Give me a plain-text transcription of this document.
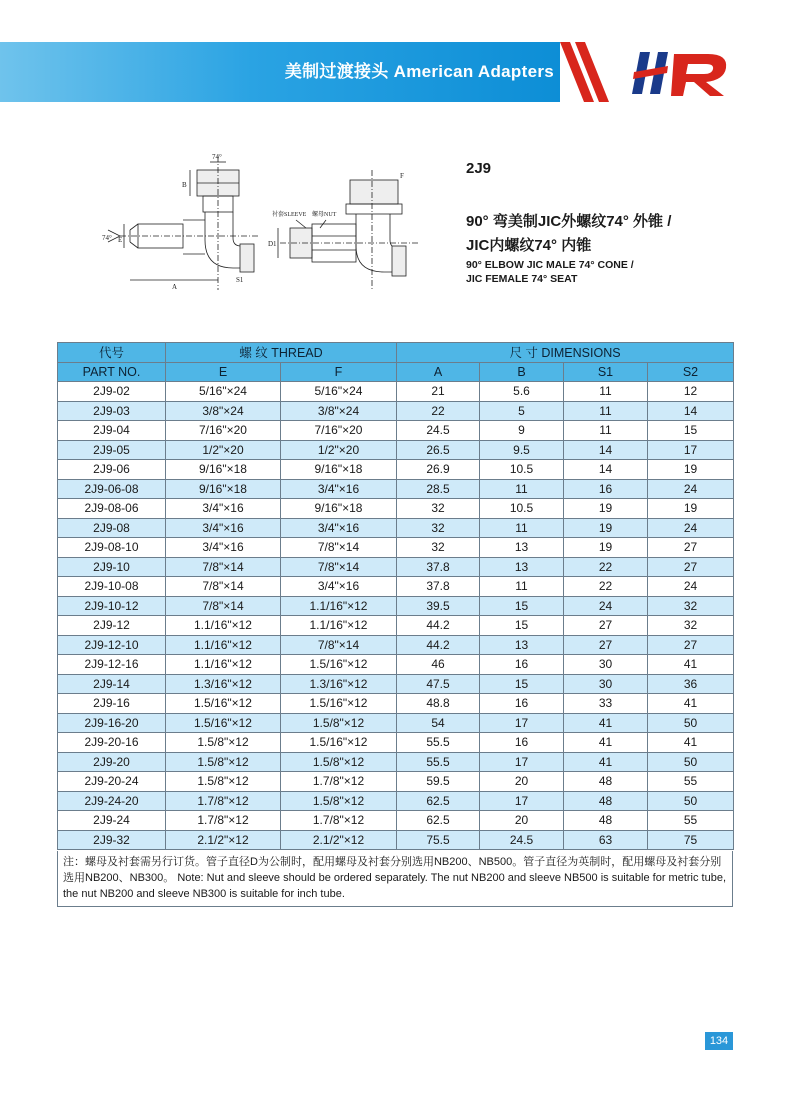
美制过渡接头 American Adapters
74°
74°
B
E
A
S1
F
D1
衬套SLEEVE 螺母NUT
2J9
90° 弯美制JIC外螺纹74° 外锥 /
JIC内螺纹74° 内锥
90° ELBOW JIC MALE 74° CONE /
JIC FEMALE 74° SEAT
代号	螺 纹 THREAD		尺 寸 DIMENSIONS			
PART NO.	E	F	A	B	S1	S2
2J9-02	5/16"×24	5/16"×24	21	5.6	11	12
2J9-03	3/8"×24	3/8"×24	22	5	11	14
2J9-04	7/16"×20	7/16"×20	24.5	9	11	15
2J9-05	1/2"×20	1/2"×20	26.5	9.5	14	17
2J9-06	9/16"×18	9/16"×18	26.9	10.5	14	19
2J9-06-08	9/16"×18	3/4"×16	28.5	11	16	24
2J9-08-06	3/4"×16	9/16"×18	32	10.5	19	19
2J9-08	3/4"×16	3/4"×16	32	11	19	24
2J9-08-10	3/4"×16	7/8"×14	32	13	19	27
2J9-10	7/8"×14	7/8"×14	37.8	13	22	27
2J9-10-08	7/8"×14	3/4"×16	37.8	11	22	24
2J9-10-12	7/8"×14	1.1/16"×12	39.5	15	24	32
2J9-12	1.1/16"×12	1.1/16"×12	44.2	15	27	32
2J9-12-10	1.1/16"×12	7/8"×14	44.2	13	27	27
2J9-12-16	1.1/16"×12	1.5/16"×12	46	16	30	41
2J9-14	1.3/16"×12	1.3/16"×12	47.5	15	30	36
2J9-16	1.5/16"×12	1.5/16"×12	48.8	16	33	41
2J9-16-20	1.5/16"×12	1.5/8"×12	54	17	41	50
2J9-20-16	1.5/8"×12	1.5/16"×12	55.5	16	41	41
2J9-20	1.5/8"×12	1.5/8"×12	55.5	17	41	50
2J9-20-24	1.5/8"×12	1.7/8"×12	59.5	20	48	55
2J9-24-20	1.7/8"×12	1.5/8"×12	62.5	17	48	50
2J9-24	1.7/8"×12	1.7/8"×12	62.5	20	48	55
2J9-32	2.1/2"×12	2.1/2"×12	75.5	24.5	63	75
注：螺母及衬套需另行订货。管子直径D为公制时，配用螺母及衬套分别选用NB200、NB500。管子直径为英制时，配用螺母及衬套分别选用NB200、NB300。 Note: Nut and sleeve should be ordered separately. The nut NB200 and sleeve NB500 is suitable for metric tube, the nut NB200 and sleeve NB300 is suitable for inch tube.
134
